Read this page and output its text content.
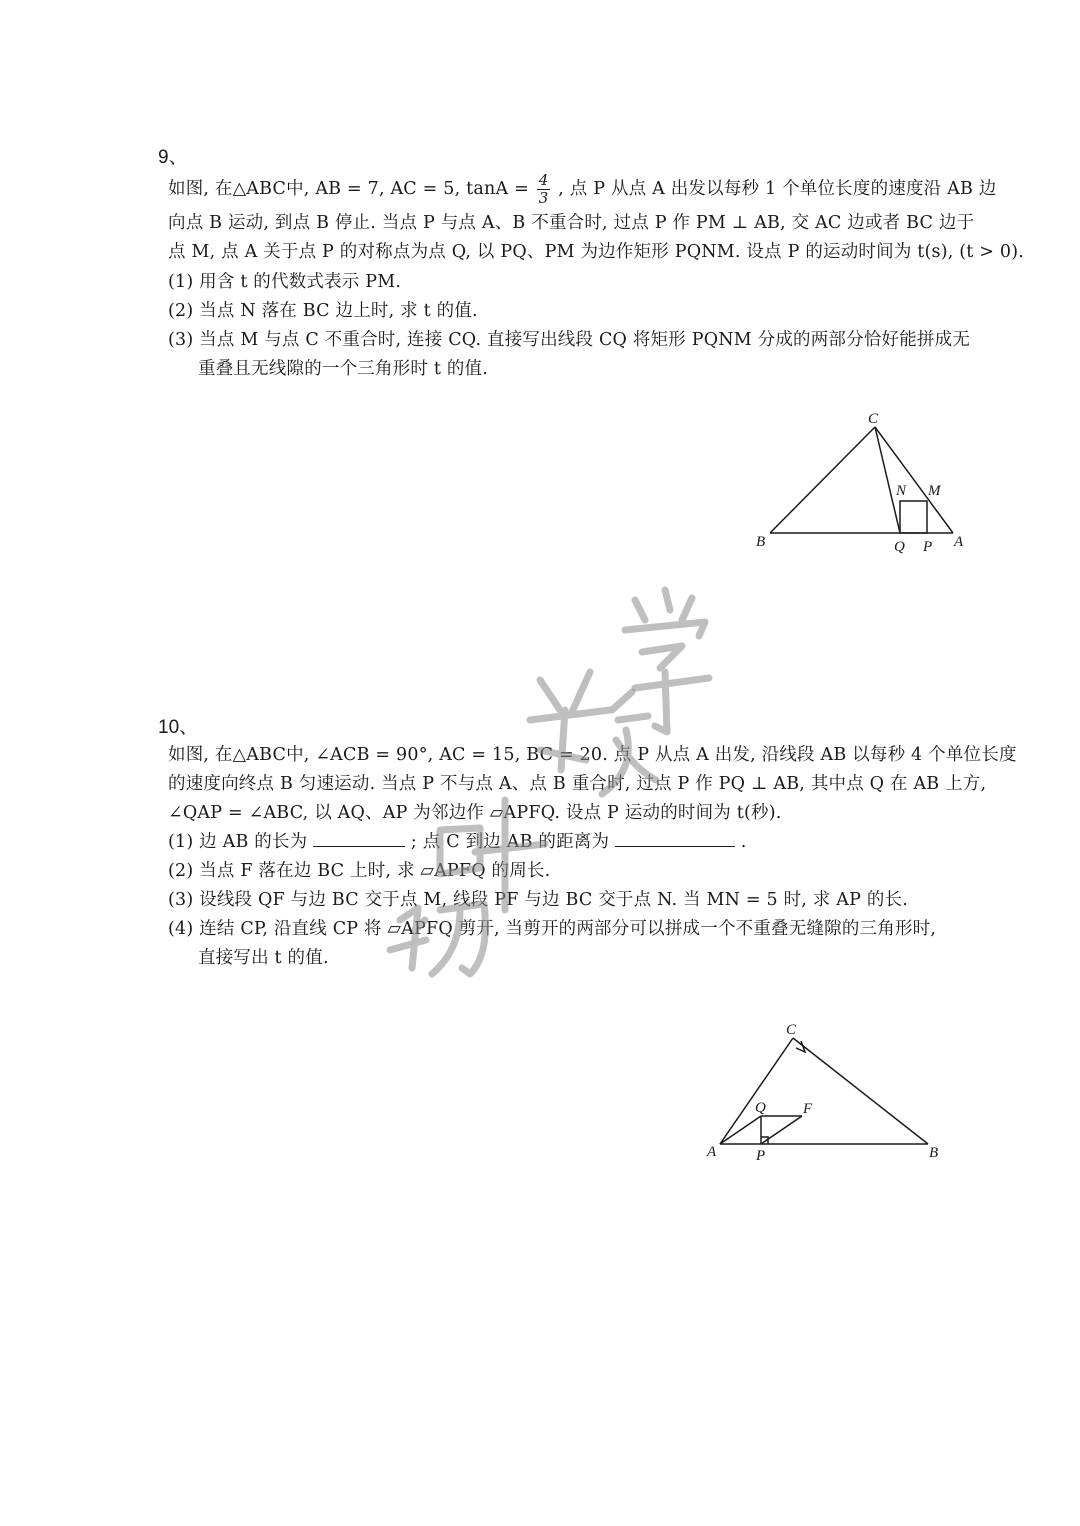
9、
如图, 在△ABC中, AB = 7, AC = 5, $\tan A = \frac{4}{3}$ , 点 P 从点 A 出发以每秒 1 个单位长度的速度沿 AB 边
向点 B 运动, 到点 B 停止. 当点 P 与点 A、B 不重合时, 过点 P 作 PM ⊥ AB, 交 AC 边或者 BC 边于
点 M, 点 A 关于点 P 的对称点为点 Q, 以 PQ、PM 为边作矩形 PQNM. 设点 P 的运动时间为 t(s), (t > 0).
(1) 用含 t 的代数式表示 PM.
(2) 当点 N 落在 BC 边上时, 求 t 的值.
(3) 当点 M 与点 C 不重合时, 连接 CQ. 直接写出线段 CQ 将矩形 PQNM 分成的两部分恰好能拼成无
重叠且无线隙的一个三角形时 t 的值.
C
B	A
N M
Q P
10、
如图, 在△ABC中, ∠ACB = 90°, AC = 15, BC = 20. 点 P 从点 A 出发, 沿线段 AB 以每秒 4 个单位长度
的速度向终点 B 匀速运动. 当点 P 不与点 A、点 B 重合时, 过点 P 作 PQ ⊥ AB, 其中点 Q 在 AB 上方,
∠QAP = ∠ABC, 以 AQ、AP 为邻边作 ▱APFQ. 设点 P 运动的时间为 t(秒).
(1) 边 AB 的长为	; 点 C 到边 AB 的距离为	.
(2) 当点 F 落在边 BC 上时, 求 ▱APFQ 的周长.
(3) 设线段 QF 与边 BC 交于点 M, 线段 PF 与边 BC 交于点 N. 当 MN = 5 时, 求 AP 的长.
(4) 连结 CP, 沿直线 CP 将 ▱APFQ 剪开, 当剪开的两部分可以拼成一个不重叠无缝隙的三角形时,
直接写出 t 的值.
C
Q F
A	P	B
